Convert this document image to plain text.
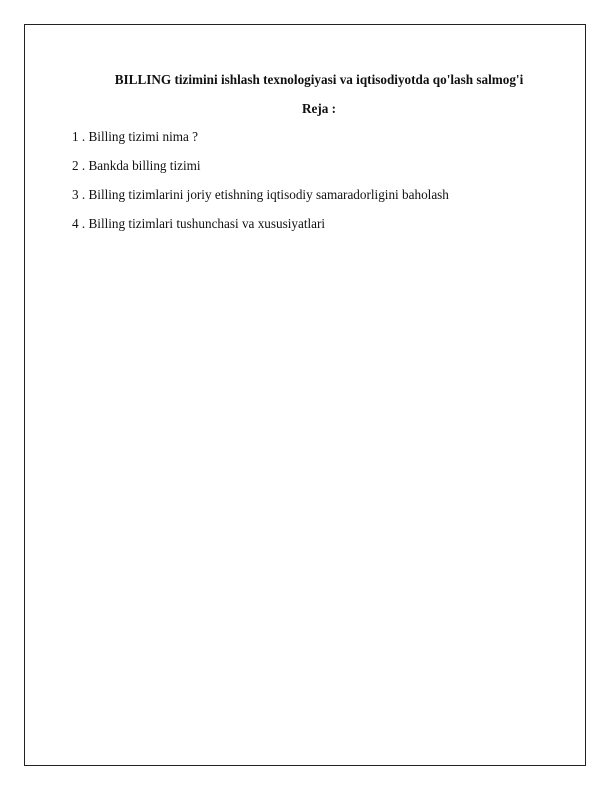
BILLING tizimini ishlash texnologiyasi va iqtisodiyotda qo'lash salmog'i
Reja :
1 . Billing tizimi nima ?
2 . Bankda billing tizimi
3 . Billing tizimlarini joriy etishning iqtisodiy samaradorligini baholash
4 . Billing tizimlari tushunchasi va xususiyatlari
